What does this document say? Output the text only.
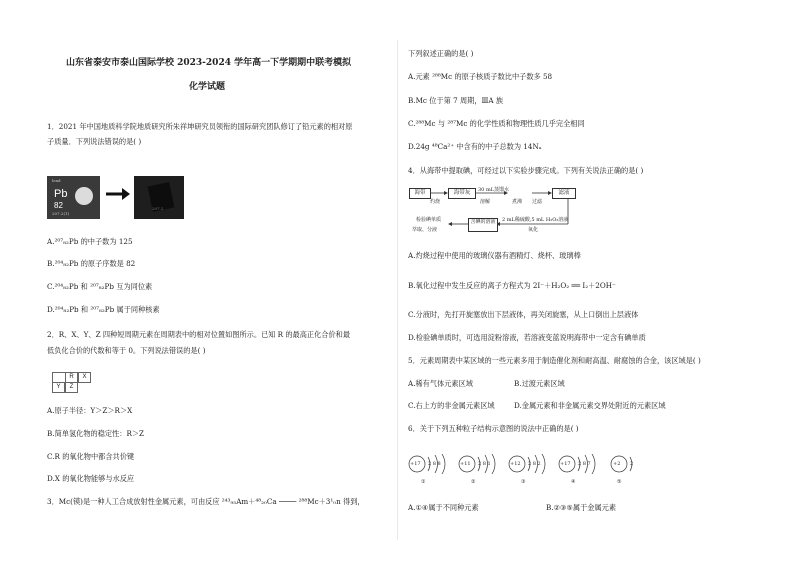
山东省泰安市泰山国际学校 2023-2024 学年高一下学期期中联考模拟
化学试题
1．2021 年中国地质科学院地质研究所朱祥坤研究员领衔的国际研究团队修订了铅元素的相对原
子质量．下列说法错误的是( )
lead
Pb
82
207.2(1)
207.2
A.²⁰⁷₈₂Pb 的中子数为 125
B.²⁰⁴₈₂Pb 的原子序数是 82
C.²⁰⁴₈₂Pb 和 ²⁰⁷₈₂Pb 互为同位素
D.²⁰⁴₈₂Pb 和 ²⁰⁷₈₂Pb 属于同种核素
2．R、X、Y、Z 四种短周期元素在周期表中的相对位置如图所示。已知 R 的最高正化合价和最
低负化合价的代数和等于 0。下列说法错误的是( )
R	X
Y	Z
A.原子半径：Y＞Z＞R＞X
B.简单氢化物的稳定性：R＞Z
C.R 的氧化物中都含共价键
D.X 的氧化物能够与水反应
3．Mc(镆)是一种人工合成放射性金属元素，可由反应 ²⁴³₉₅Am＋⁴⁸₂₀Ca ──── ²⁸⁸Mc＋3¹₀n 得到，
下列叙述正确的是( )
A.元素 ²⁸⁸Mc 的原子核质子数比中子数多 58
B.Mc 位于第 7 周期，ⅢA 族
C.²⁸⁸Mc 与 ²⁸⁷Mc 的化学性质和物理性质几乎完全相同
D.24g ⁴⁸Ca²⁺ 中含有的中子总数为 14Nₐ
4．从海带中提取碘，可经过以下实验步骤完成。下列有关说法正确的是( )
海带	海带灰	30 mL蒸馏水	滤液
灼烧	溶解	煮沸 过滤
含碘的溶液	2 mL稀硫酸,5 mL H₂O₂溶液
氧化
检验碘单质
萃取、分液
A.灼烧过程中使用的玻璃仪器有酒精灯、烧杯、玻璃棒
B.氧化过程中发生反应的离子方程式为 2I⁻＋H₂O₂ ══ I₂＋2OH⁻
C.分液时，先打开旋塞放出下层液体，再关闭旋塞，从上口倒出上层液体
D.检验碘单质时，可选用淀粉溶液，若溶液变蓝说明海带中一定含有碘单质
5．元素周期表中某区域的一些元素多用于制造催化剂和耐高温、耐腐蚀的合金，该区域是( )
A.稀有气体元素区域	B.过渡元素区域
C.右上方的非金属元素区域	D.金属元素和非金属元素交界处附近的元素区域
6．关于下列五种粒子结构示意图的说法中正确的是( )
+17 2 8 8
①
+11 2 8 1
②
+12 2 8 2
③
+17 2 8 7
④
+2 2
⑤
A.①④属于不同种元素	B.②③⑤属于金属元素
